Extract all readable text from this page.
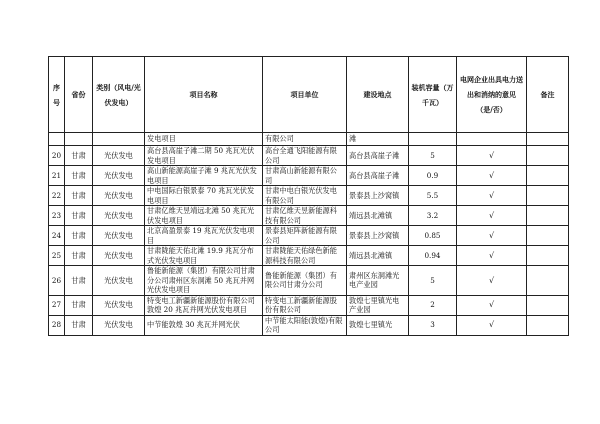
序号	省份	类别（风电/光伏发电）	项目名称	项目单位	建设地点	装机容量（万千瓦）	电网企业出具电力送出和消纳的意见（是/否）	备注
			发电项目	有限公司	滩			
20	甘肃	光伏发电	高台县高崖子滩二期 50 兆瓦光伏发电项目	高台全通飞阳能源有限公司	高台县高崖子滩	5	√	
21	甘肃	光伏发电	高山新能源高崖子滩 9 兆瓦光伏发电项目	甘肃高山新能源有限公司	高台县高崖子滩	0.9	√	
22	甘肃	光伏发电	中电国际白银景泰 70 兆瓦光伏发电项目	甘肃中电白银光伏发电有限公司	景泰县上沙窝镇	5.5	√	
23	甘肃	光伏发电	甘肃亿维天昱靖远北滩 50 兆瓦光伏发电项目	甘肃亿维天昱新能源科技有限公司	靖远县北滩镇	3.2	√	
24	甘肃	光伏发电	北京高盈景泰 19 兆瓦光伏发电项目	景泰县矩阵新能源有限公司	景泰县上沙窝镇	0.85	√	
25	甘肃	光伏发电	甘肃陇能天佑北滩 19.9 兆瓦分布式光伏发电项目	甘肃陇能天佑绿色新能源科技有限公司	靖远县北滩镇	0.94	√	
26	甘肃	光伏发电	鲁能新能源（集团）有限公司甘肃分公司肃州区东洞滩 50 兆瓦并网光伏发电项目	鲁能新能源（集团）有限公司甘肃分公司	肃州区东洞滩光电产业园	5	√	
27	甘肃	光伏发电	特变电工新疆新能源股份有限公司敦煌 20 兆瓦并网光伏发电项目	特变电工新疆新能源股份有限公司	敦煌七里镇光电产业园	2	√	
28	甘肃	光伏发电	中节能敦煌 30 兆瓦并网光伏	中节能太阳能(敦煌)有限公司	敦煌七里镇光	3	√	
